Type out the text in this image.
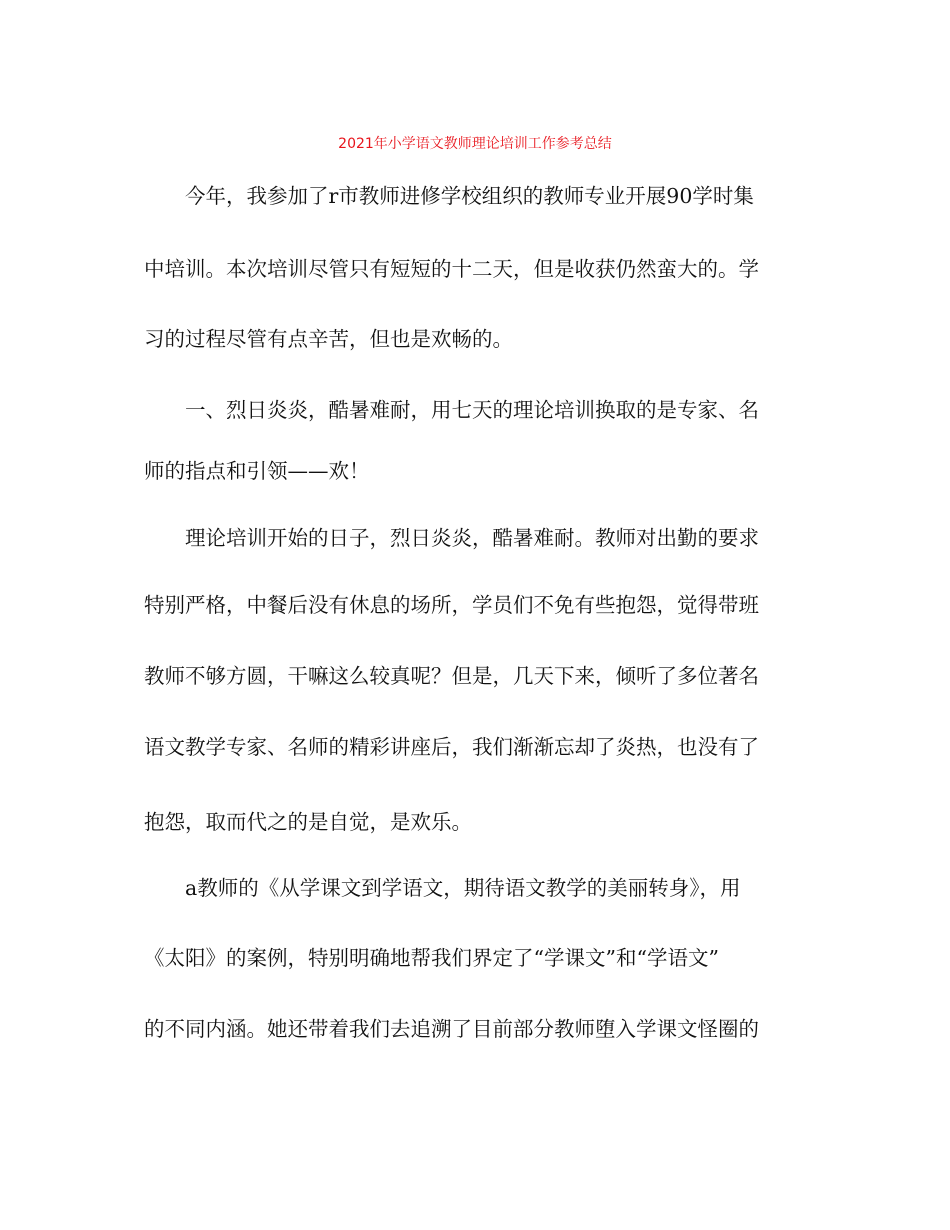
2021年小学语文教师理论培训工作参考总结
　　今年，我参加了r市教师进修学校组织的教师专业开展90学时集
中培训。本次培训尽管只有短短的十二天，但是收获仍然蛮大的。学
习的过程尽管有点辛苦，但也是欢畅的。
　　一、烈日炎炎，酷暑难耐，用七天的理论培训换取的是专家、名
师的指点和引领——欢！
　　理论培训开始的日子，烈日炎炎，酷暑难耐。教师对出勤的要求
特别严格，中餐后没有休息的场所，学员们不免有些抱怨，觉得带班
教师不够方圆，干嘛这么较真呢？但是，几天下来，倾听了多位著名
语文教学专家、名师的精彩讲座后，我们渐渐忘却了炎热，也没有了
抱怨，取而代之的是自觉，是欢乐。
　　a教师的《从学课文到学语文，期待语文教学的美丽转身》，用
《太阳》的案例，特别明确地帮我们界定了“学课文”和“学语文”
的不同内涵。她还带着我们去追溯了目前部分教师堕入学课文怪圈的
